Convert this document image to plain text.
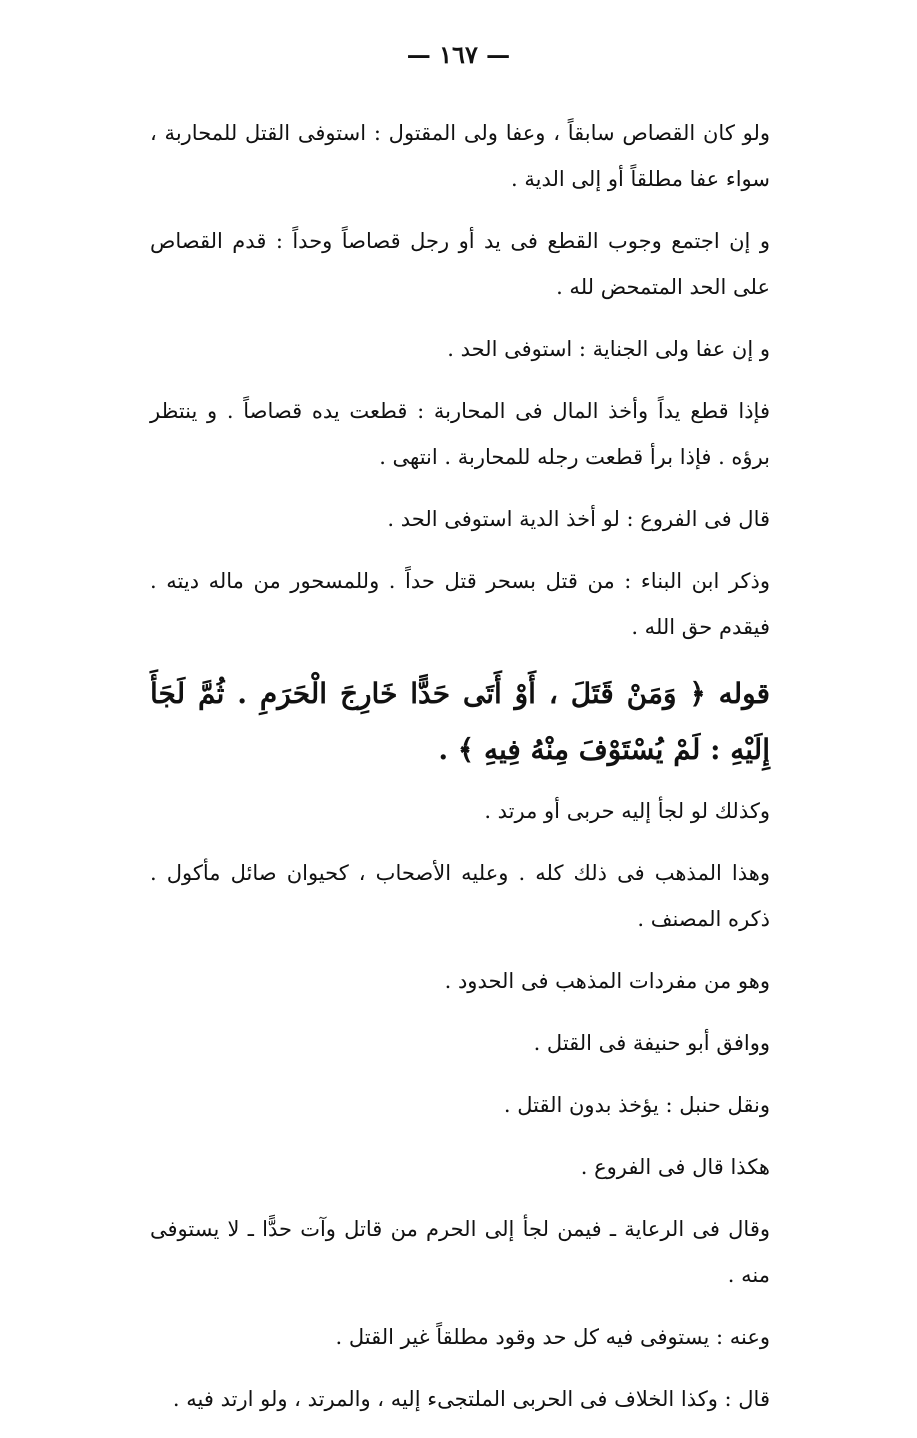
— ١٦٧ —

ولو كان القصاص سابقاً ، وعفا ولى المقتول : استوفى القتل للمحاربة ، سواء عفا مطلقاً أو إلى الدية .

و إن اجتمع وجوب القطع فى يد أو رجل قصاصاً وحداً : قدم القصاص على الحد المتمحض لله .

و إن عفا ولى الجناية : استوفى الحد .

فإذا قطع يداً وأخذ المال فى المحاربة : قطعت يده قصاصاً . و ينتظر برؤه . فإذا برأ قطعت رجله للمحاربة . انتهى .

قال فى الفروع : لو أخذ الدية استوفى الحد .

وذكر ابن البناء : من قتل بسحر قتل حداً . وللمسحور من ماله ديته . فيقدم حق الله .

قوله ﴿ وَمَنْ قَتَلَ ، أَوْ أَتَى حَدًّا خَارِجَ الْحَرَمِ . ثُمَّ لَجَأَ إِلَيْهِ : لَمْ يُسْتَوْفَ مِنْهُ فِيهِ ﴾ .

وكذلك لو لجأ إليه حربى أو مرتد .

وهذا المذهب فى ذلك كله . وعليه الأصحاب ، كحيوان صائل مأكول . ذكره المصنف .

وهو من مفردات المذهب فى الحدود .

ووافق أبو حنيفة فى القتل .

ونقل حنبل : يؤخذ بدون القتل .

هكذا قال فى الفروع .

وقال فى الرعاية ـ فيمن لجأ إلى الحرم من قاتل وآت حدًّا ـ لا يستوفى منه .

وعنه : يستوفى فيه كل حد وقود مطلقاً غير القتل .

قال : وكذا الخلاف فى الحربى الملتجىء إليه ، والمرتد ، ولو ارتد فيه .
